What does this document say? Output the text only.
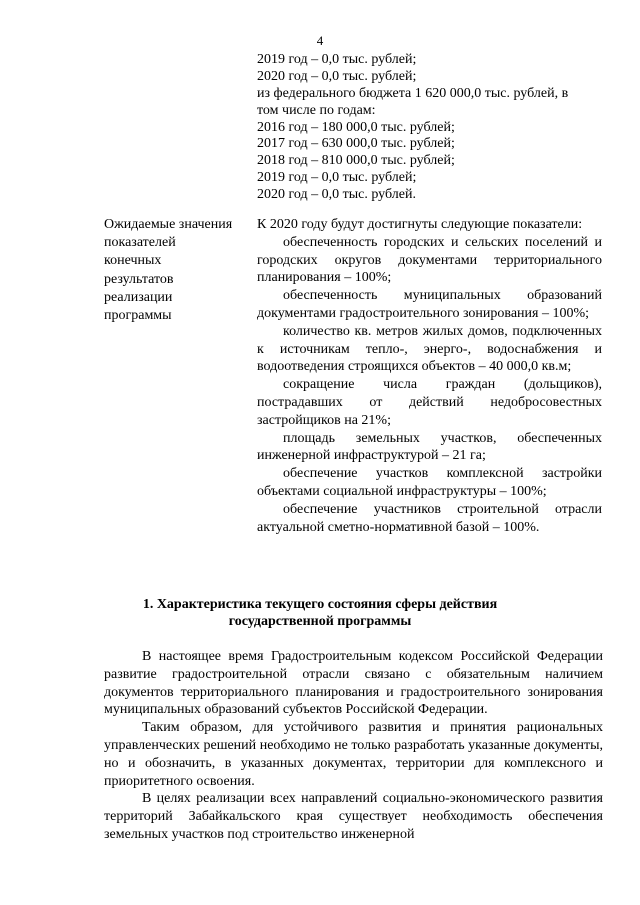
4
2019 год – 0,0 тыс. рублей;
2020 год – 0,0 тыс. рублей;
из федерального бюджета 1 620 000,0 тыс. рублей, в
том числе по годам:
2016 год – 180 000,0 тыс. рублей;
2017 год – 630 000,0 тыс. рублей;
2018 год – 810 000,0 тыс. рублей;
2019 год – 0,0 тыс. рублей;
2020 год – 0,0 тыс. рублей.
Ожидаемые значения
показателей
конечных
результатов
реализации
программы

К 2020 году будут достигнуты следующие показатели:

обеспеченность городских и сельских поселений и городских округов документами территориального планирования – 100%;

обеспеченность муниципальных образований документами градостроительного зонирования – 100%;

количество кв. метров жилых домов, подключенных к источникам тепло-, энерго-, водоснабжения и водоотведения строящихся объектов – 40 000,0 кв.м;

сокращение числа граждан (дольщиков), пострадавших от действий недобросовестных застройщиков на 21%;

площадь земельных участков, обеспеченных инженерной инфраструктурой – 21 га;

обеспечение участков комплексной застройки объектами социальной инфраструктуры – 100%;

обеспечение участников строительной отрасли актуальной сметно-нормативной базой – 100%.

1. Характеристика текущего состояния сферы действия
государственной программы

В настоящее время Градостроительным кодексом Российской Федерации развитие градостроительной отрасли связано с обязательным наличием документов территориального планирования и градостроительного зонирования муниципальных образований субъектов Российской Федерации.

Таким образом, для устойчивого развития и принятия рациональных управленческих решений необходимо не только разработать указанные документы, но и обозначить, в указанных документах, территории для комплексного и приоритетного освоения.

В целях реализации всех направлений социально-экономического развития территорий Забайкальского края существует необходимость обеспечения земельных участков под строительство инженерной
